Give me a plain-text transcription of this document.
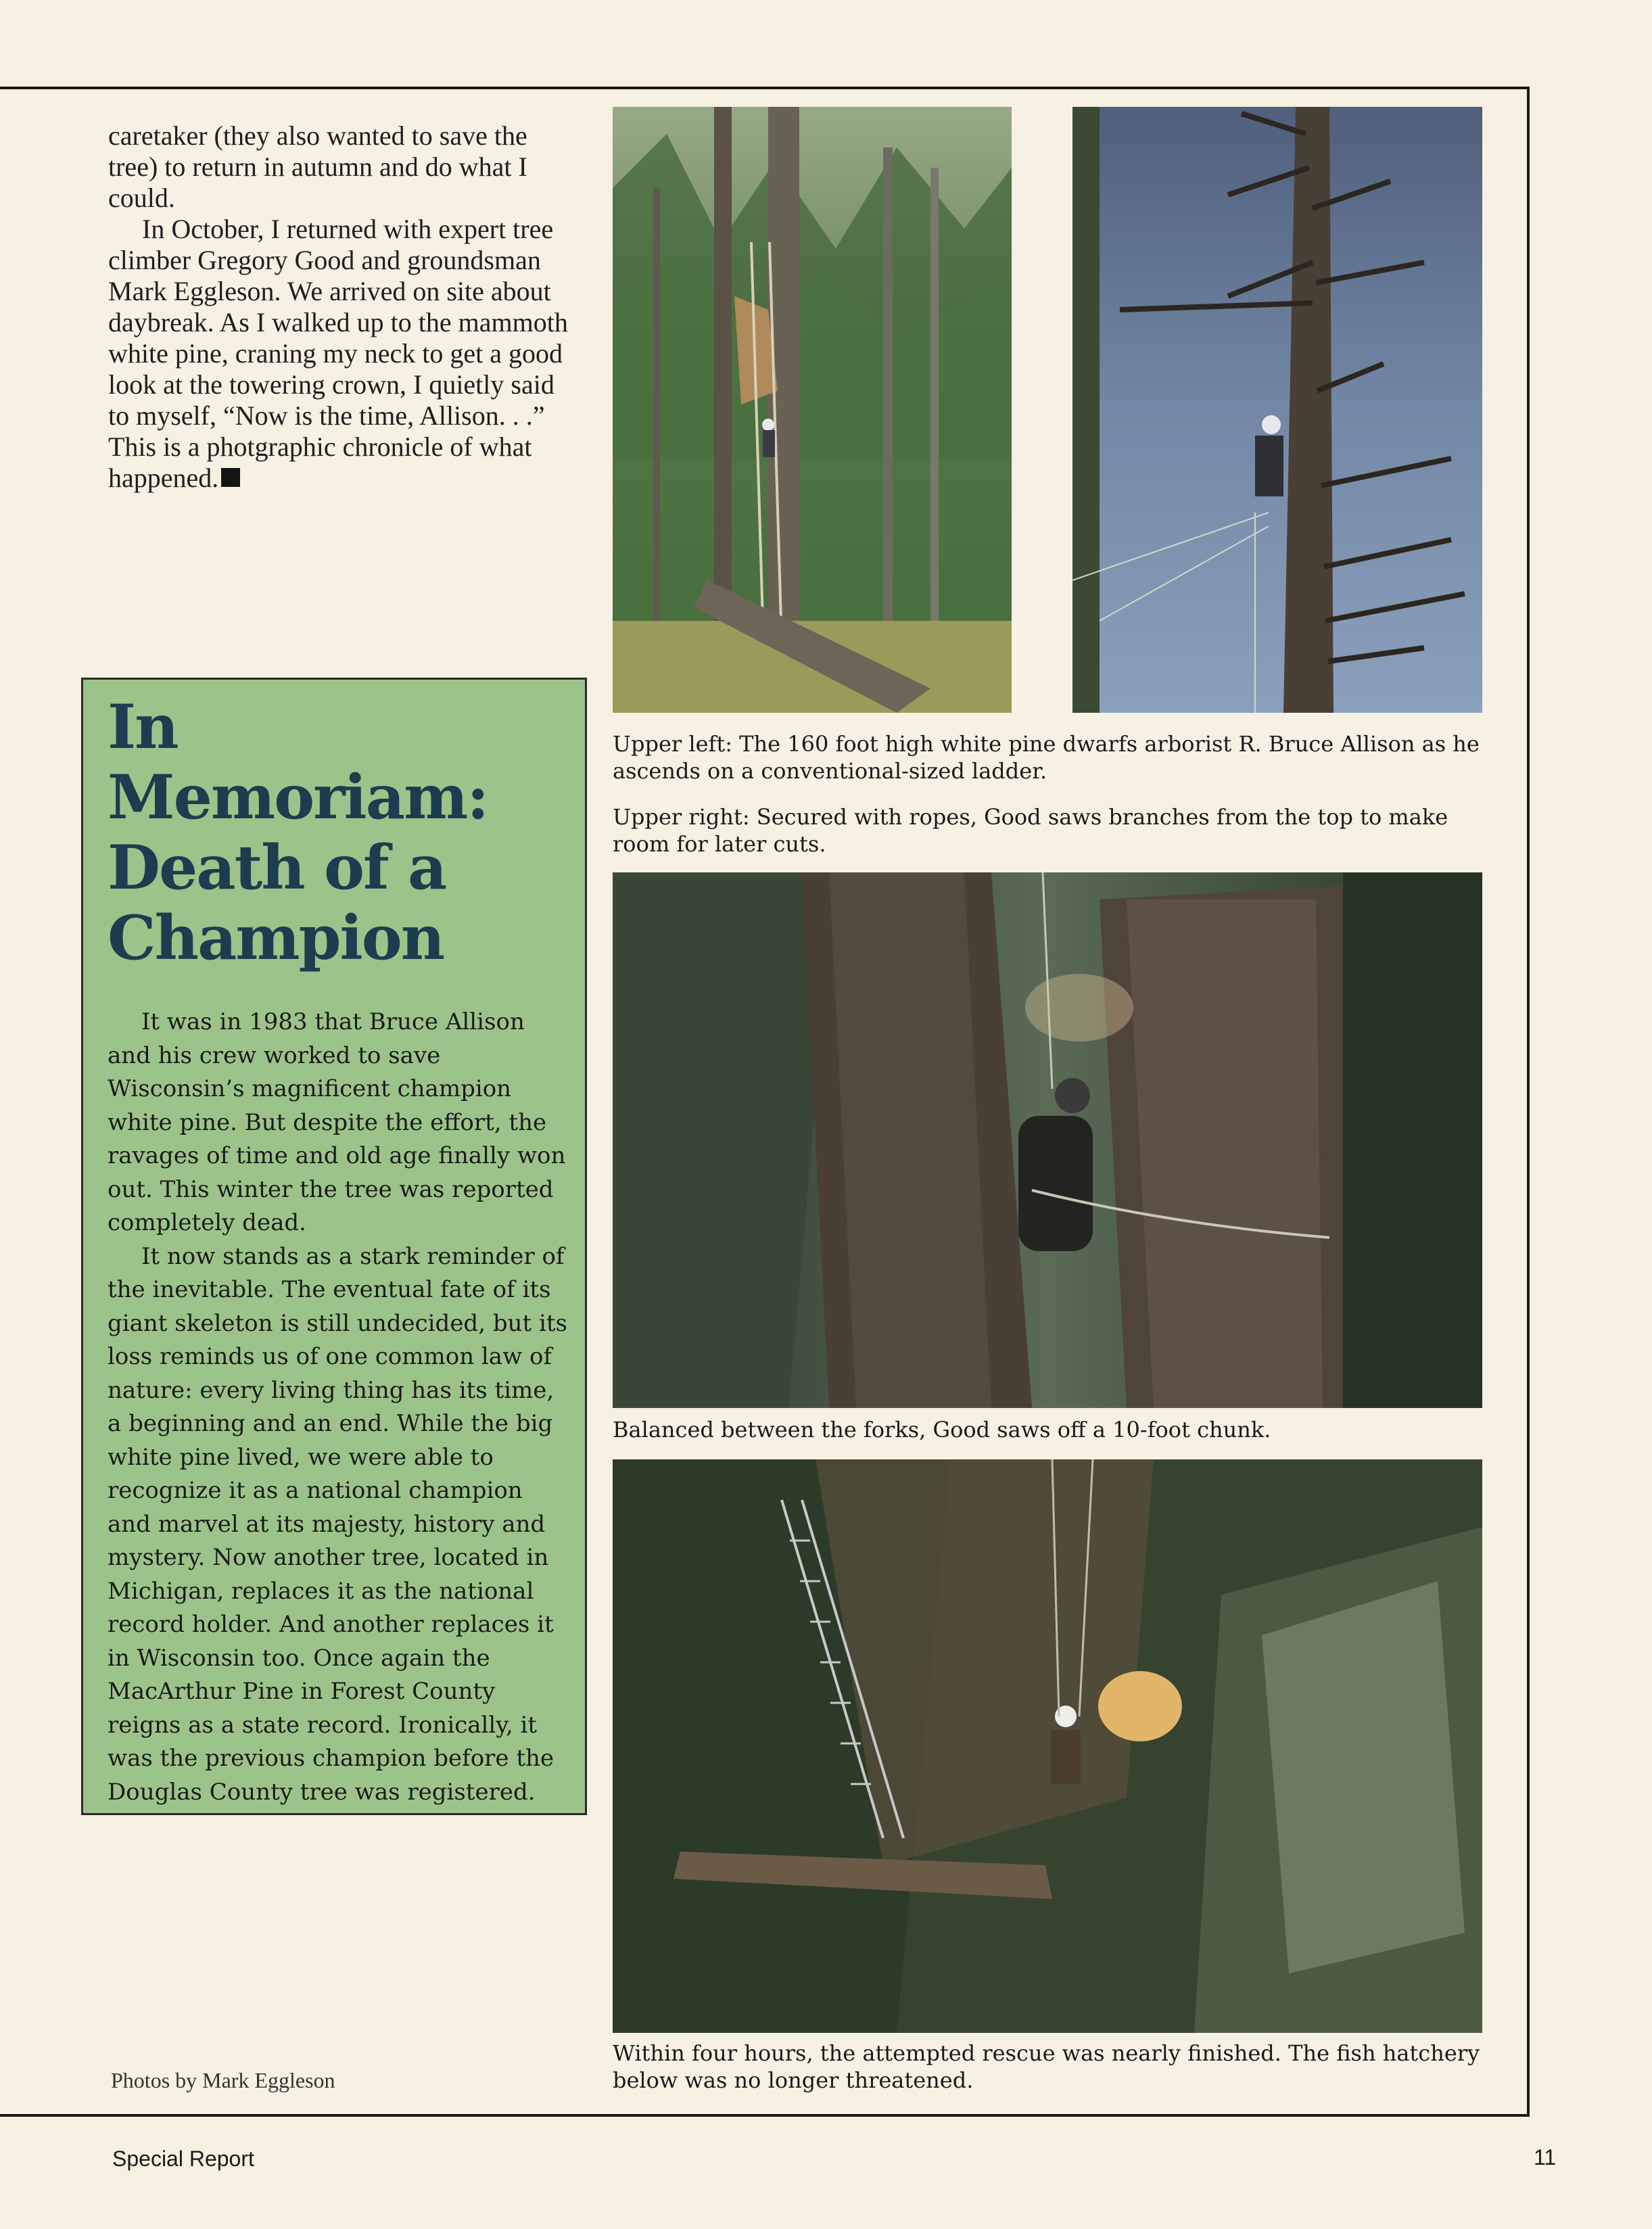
caretaker (they also wanted to save the tree) to return in autumn and do what I could.

In October, I returned with expert tree climber Gregory Good and groundsman Mark Eggleson. We arrived on site about daybreak. As I walked up to the mammoth white pine, craning my neck to get a good look at the towering crown, I quietly said to myself, “Now is the time, Allison. . .” This is a photgraphic chronicle of what happened.

In Memoriam:
Death of a
Champion

It was in 1983 that Bruce Allison and his crew worked to save Wisconsin’s magnificent champion white pine. But despite the effort, the ravages of time and old age finally won out. This winter the tree was reported completely dead.

It now stands as a stark reminder of the inevitable. The eventual fate of its giant skeleton is still undecided, but its loss reminds us of one common law of nature: every living thing has its time, a beginning and an end. While the big white pine lived, we were able to recognize it as a national champion and marvel at its majesty, history and mystery. Now another tree, located in Michigan, replaces it as the national record holder. And another replaces it in Wisconsin too. Once again the MacArthur Pine in Forest County reigns as a state record. Ironically, it was the previous champion before the Douglas County tree was registered.

Upper left: The 160 foot high white pine dwarfs arborist R. Bruce Allison as he ascends on a conventional-sized ladder.

Upper right: Secured with ropes, Good saws branches from the top to make room for later cuts.

Balanced between the forks, Good saws off a 10-foot chunk.

Within four hours, the attempted rescue was nearly finished. The fish hatchery below was no longer threatened.

Photos by Mark Eggleson
Special Report	11
